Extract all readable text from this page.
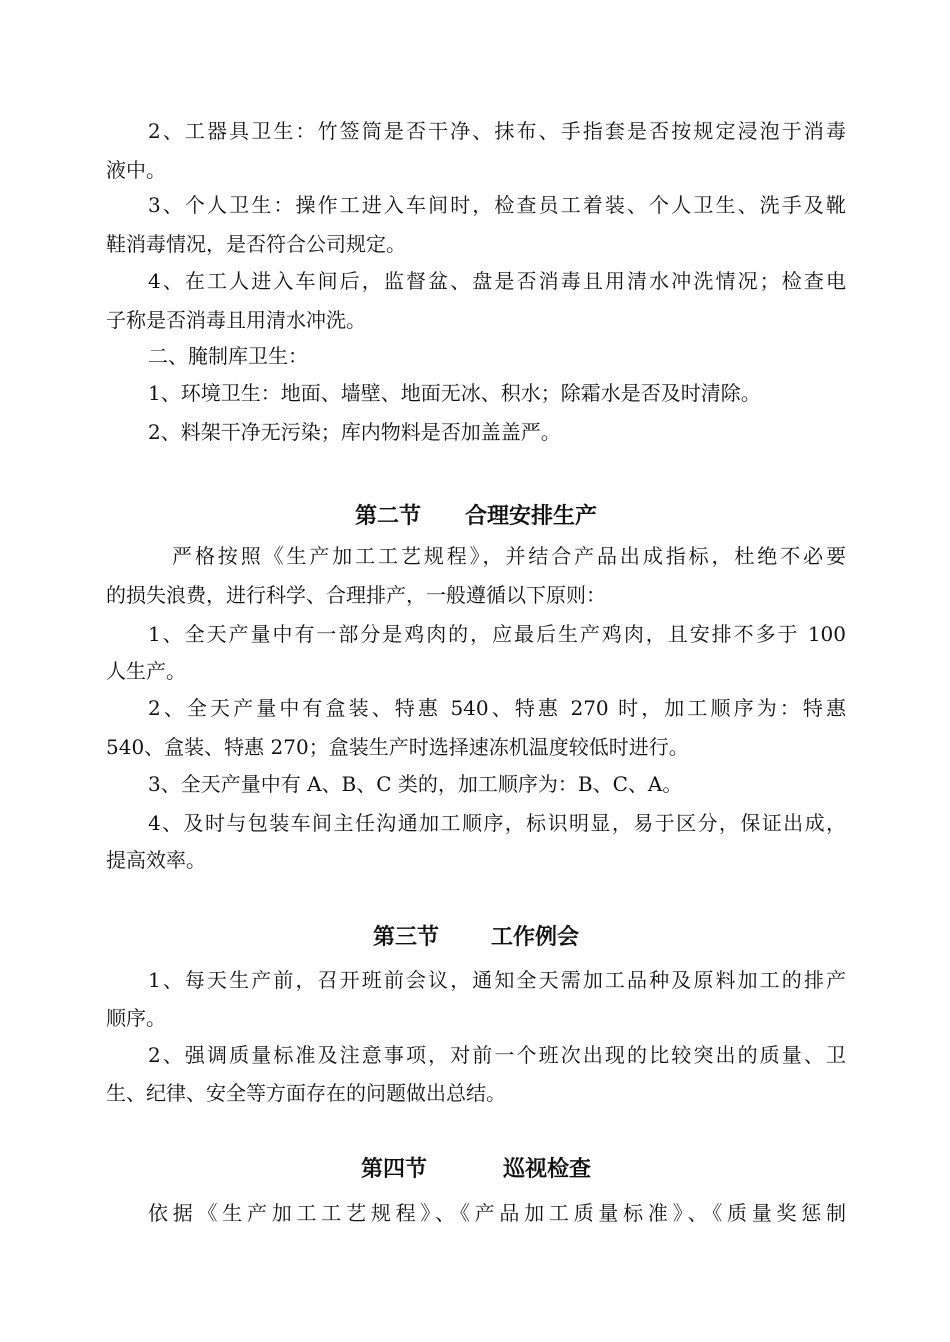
2、工器具卫生：竹签筒是否干净、抹布、手指套是否按规定浸泡于消毒
液中。
3、个人卫生：操作工进入车间时，检查员工着装、个人卫生、洗手及靴
鞋消毒情况，是否符合公司规定。
4、在工人进入车间后，监督盆、盘是否消毒且用清水冲洗情况；检查电
子称是否消毒且用清水冲洗。
二、腌制库卫生：
1、环境卫生：地面、墙壁、地面无冰、积水；除霜水是否及时清除。
2、料架干净无污染；库内物料是否加盖盖严。
第二节 合理安排生产
严格按照《生产加工工艺规程》，并结合产品出成指标，杜绝不必要
的损失浪费，进行科学、合理排产，一般遵循以下原则：
1、全天产量中有一部分是鸡肉的，应最后生产鸡肉，且安排不多于 100
人生产。
2、全天产量中有盒装、特惠 540、特惠 270 时，加工顺序为：特惠
540、盒装、特惠 270；盒装生产时选择速冻机温度较低时进行。
3、全天产量中有 A、B、C 类的，加工顺序为：B、C、A。
4、及时与包装车间主任沟通加工顺序，标识明显，易于区分，保证出成，
提高效率。
第三节 工作例会
1、每天生产前，召开班前会议，通知全天需加工品种及原料加工的排产
顺序。
2、强调质量标准及注意事项，对前一个班次出现的比较突出的质量、卫
生、纪律、安全等方面存在的问题做出总结。
第四节	巡视检查
依据《生产加工工艺规程》、《产品加工质量标准》、《质量奖惩制
